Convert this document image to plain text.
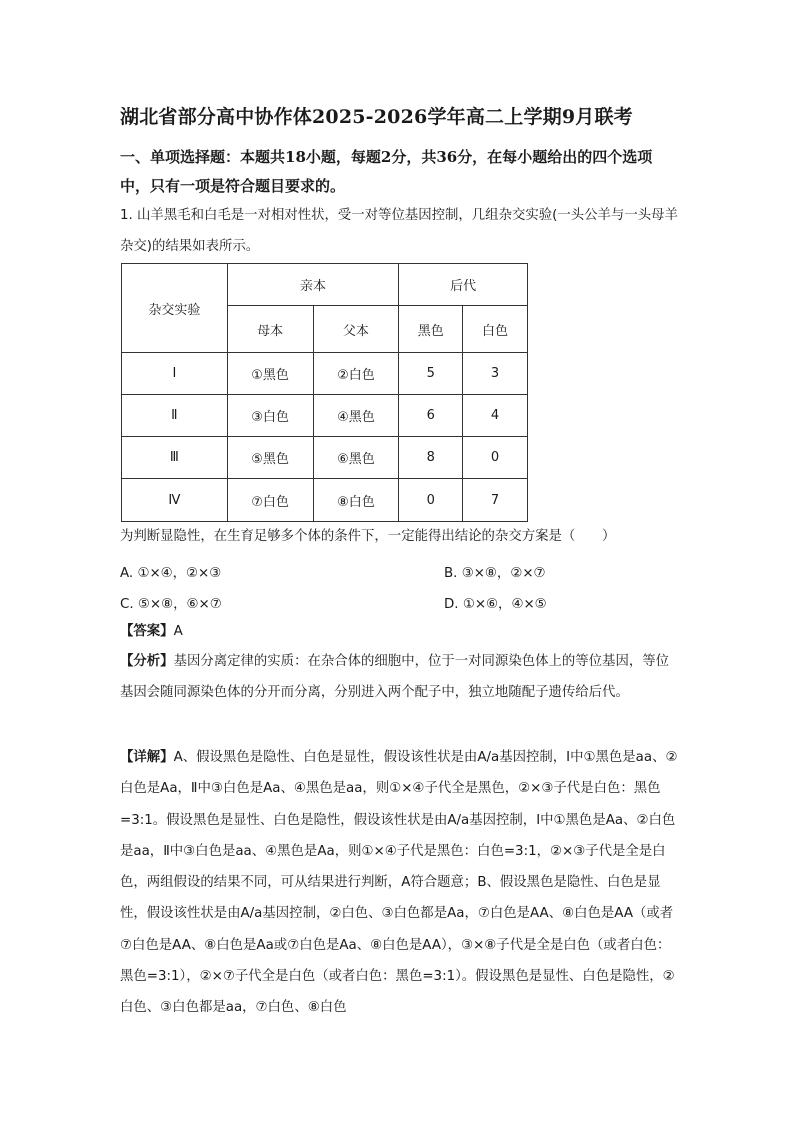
湖北省部分高中协作体2025-2026学年高二上学期9月联考
一、单项选择题：本题共18小题，每题2分，共36分，在每小题给出的四个选项中，只有一项是符合题目要求的。
1. 山羊黑毛和白毛是一对相对性状，受一对等位基因控制，几组杂交实验(一头公羊与一头母羊杂交)的结果如表所示。
杂交实验	亲本		后代	
	母本	父本	黑色	白色
Ⅰ	①黑色	②白色	5	3
Ⅱ	③白色	④黑色	6	4
Ⅲ	⑤黑色	⑥黑色	8	0
Ⅳ	⑦白色	⑧白色	0	7
为判断显隐性，在生育足够多个体的条件下，一定能得出结论的杂交方案是（　　）
A. ①×④，②×③	B. ③×⑧，②×⑦
C. ⑤×⑧，⑥×⑦	D. ①×⑥，④×⑤
【答案】A
【分析】基因分离定律的实质：在杂合体的细胞中，位于一对同源染色体上的等位基因，等位基因会随同源染色体的分开而分离，分别进入两个配子中，独立地随配子遗传给后代。
【详解】A、假设黑色是隐性、白色是显性，假设该性状是由A/a基因控制，Ⅰ中①黑色是aa、②白色是Aa，Ⅱ中③白色是Aa、④黑色是aa，则①×④子代全是黑色，②×③子代是白色：黑色=3:1。假设黑色是显性、白色是隐性，假设该性状是由A/a基因控制，Ⅰ中①黑色是Aa、②白色是aa，Ⅱ中③白色是aa、④黑色是Aa，则①×④子代是黑色：白色=3:1，②×③子代是全是白色，两组假设的结果不同，可从结果进行判断，A符合题意；B、假设黑色是隐性、白色是显性，假设该性状是由A/a基因控制，②白色、③白色都是Aa，⑦白色是AA、⑧白色是AA（或者⑦白色是AA、⑧白色是Aa或⑦白色是Aa、⑧白色是AA），③×⑧子代是全是白色（或者白色：黑色=3:1），②×⑦子代全是白色（或者白色：黑色=3:1）。假设黑色是显性、白色是隐性，②白色、③白色都是aa，⑦白色、⑧白色
